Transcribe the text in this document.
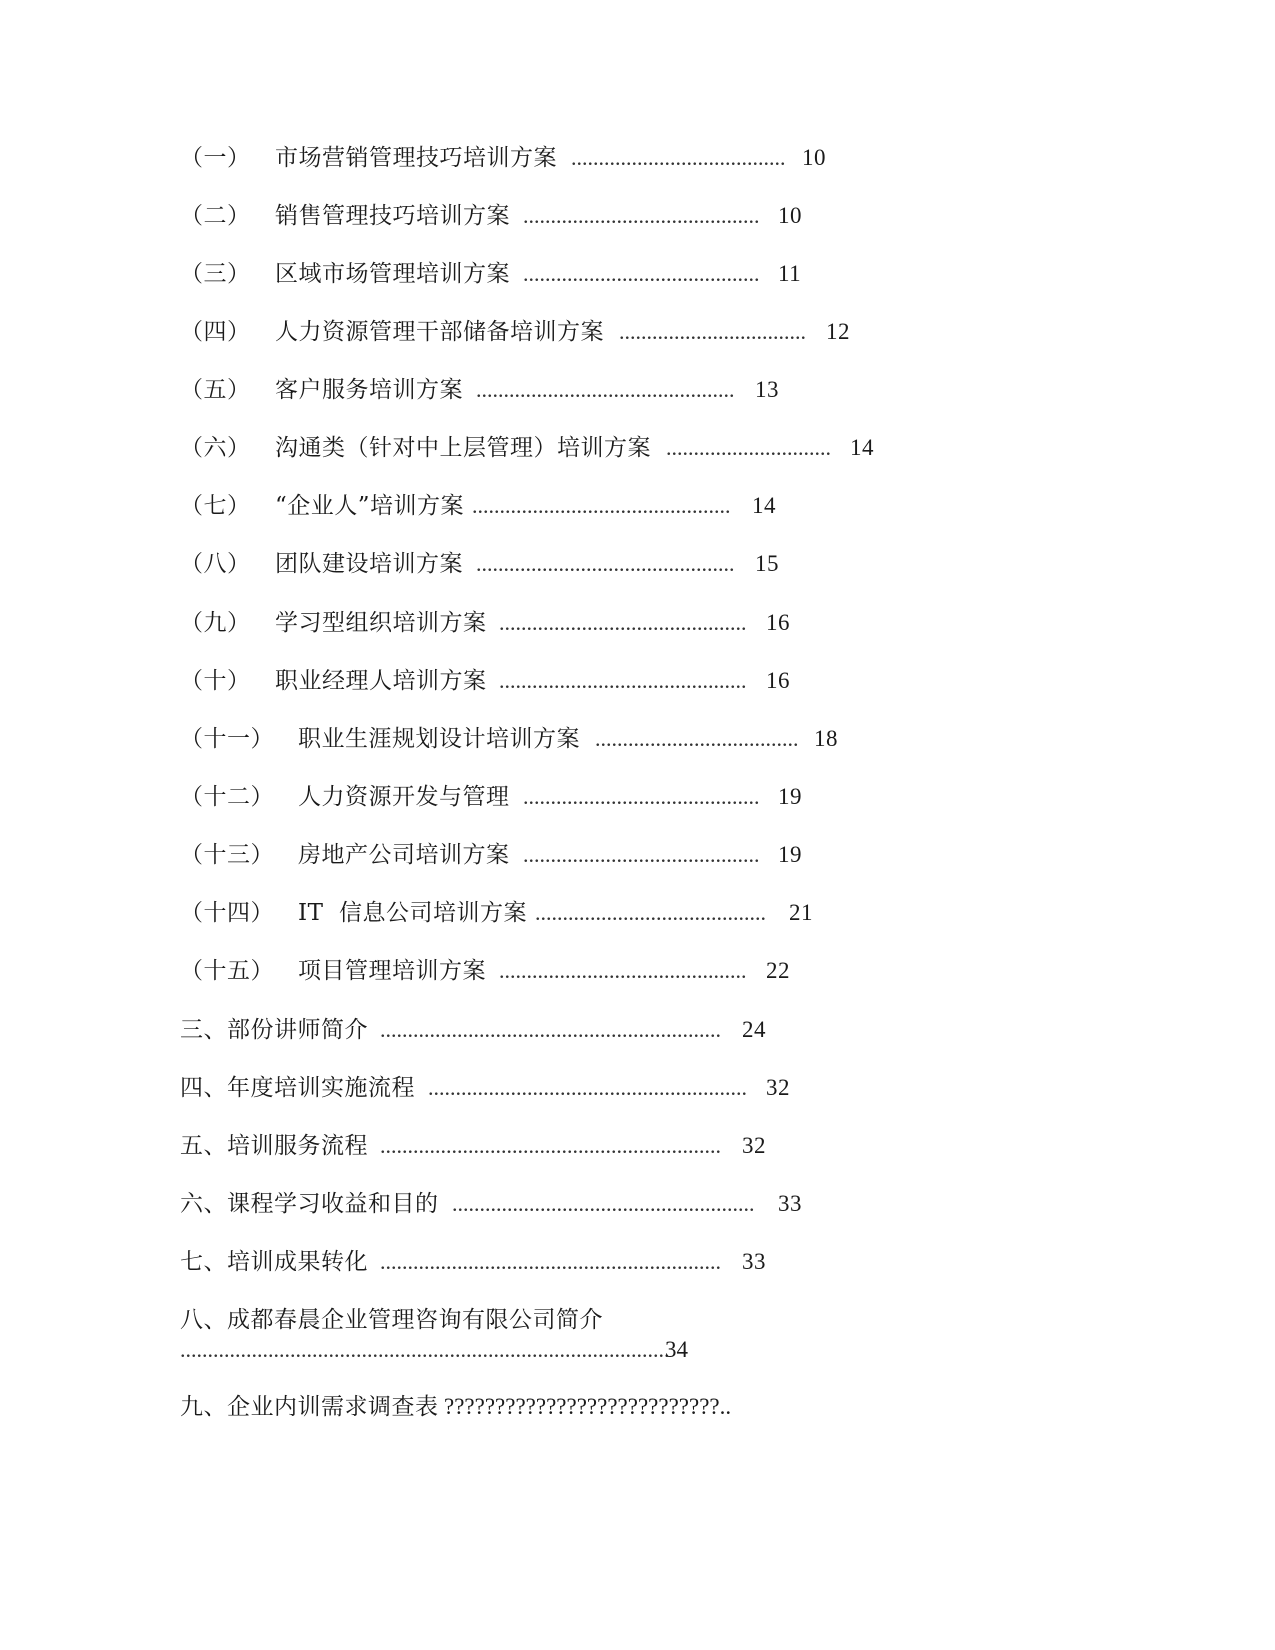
（一） 市场营销管理技巧培训方案 ....................................... 10
（二） 销售管理技巧培训方案 ........................................... 10
（三） 区域市场管理培训方案 ........................................... 11
（四） 人力资源管理干部储备培训方案 .................................. 12
（五） 客户服务培训方案 ............................................... 13
（六） 沟通类（针对中上层管理）培训方案 .............................. 14
（七） “企业人”培训方案 ............................................... 14
（八） 团队建设培训方案 ............................................... 15
（九） 学习型组织培训方案 ............................................. 16
（十） 职业经理人培训方案 ............................................. 16
（十一） 职业生涯规划设计培训方案 ..................................... 18
（十二） 人力资源开发与管理 ........................................... 19
（十三） 房地产公司培训方案 ........................................... 19
（十四） IT  信息公司培训方案 .......................................... 21
（十五） 项目管理培训方案 ............................................. 22
三、部份讲师简介 .............................................................. 24
四、年度培训实施流程 .......................................................... 32
五、培训服务流程 .............................................................. 32
六、课程学习收益和目的 ....................................................... 33
七、培训成果转化 .............................................................. 33
八、成都春晨企业管理咨询有限公司简介
.........................................................................................
34
九、企业内训需求调查表 ???????????????????????????..
